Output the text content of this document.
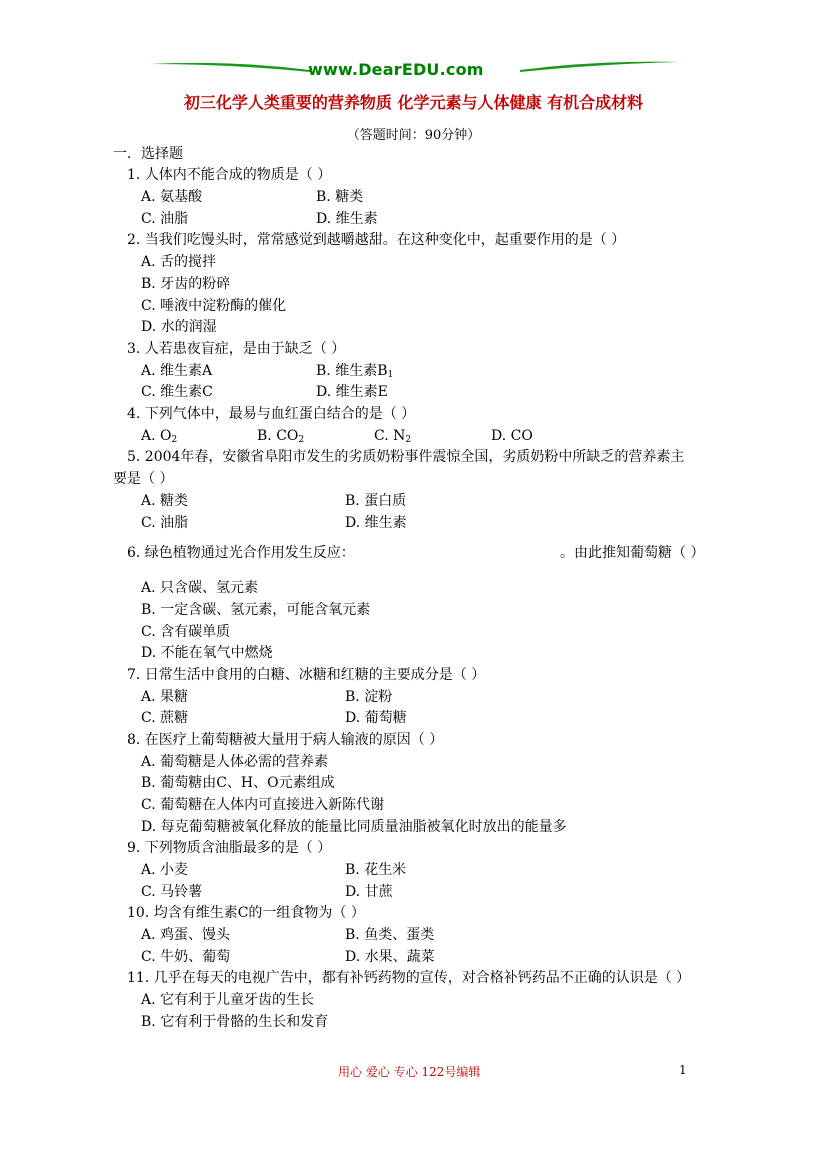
www.DearEDU.com
初三化学人类重要的营养物质 化学元素与人体健康 有机合成材料
（答题时间：90分钟）
一．选择题
1. 人体内不能合成的物质是（ ）
A. 氨基酸	B. 糖类
C. 油脂	D. 维生素
2. 当我们吃馒头时，常常感觉到越嚼越甜。在这种变化中，起重要作用的是（ ）
A. 舌的搅拌
B. 牙齿的粉碎
C. 唾液中淀粉酶的催化
D. 水的润湿
3. 人若患夜盲症，是由于缺乏（ ）
A. 维生素A	B. 维生素$B_1$
C. 维生素C	D. 维生素E
4. 下列气体中，最易与血红蛋白结合的是（ ）
A. $O_2$	B. $CO_2$	C. $N_2$	D. CO
5. 2004年春，安徽省阜阳市发生的劣质奶粉事件震惊全国，劣质奶粉中所缺乏的营养素主
要是（ ）
A. 糖类	B. 蛋白质
C. 油脂	D. 维生素
6. 绿色植物通过光合作用发生反应：	。由此推知葡萄糖（ ）
A. 只含碳、氢元素
B. 一定含碳、氢元素，可能含氧元素
C. 含有碳单质
D. 不能在氧气中燃烧
7. 日常生活中食用的白糖、冰糖和红糖的主要成分是（ ）
A. 果糖	B. 淀粉
C. 蔗糖	D. 葡萄糖
8. 在医疗上葡萄糖被大量用于病人输液的原因（ ）
A. 葡萄糖是人体必需的营养素
B. 葡萄糖由C、H、O元素组成
C. 葡萄糖在人体内可直接进入新陈代谢
D. 每克葡萄糖被氧化释放的能量比同质量油脂被氧化时放出的能量多
9. 下列物质含油脂最多的是（ ）
A. 小麦	B. 花生米
C. 马铃薯	D. 甘蔗
10. 均含有维生素C的一组食物为（ ）
A. 鸡蛋、馒头	B. 鱼类、蛋类
C. 牛奶、葡萄	D. 水果、蔬菜
11. 几乎在每天的电视广告中，都有补钙药物的宣传，对合格补钙药品不正确的认识是（ ）
A. 它有利于儿童牙齿的生长
B. 它有利于骨骼的生长和发育
用心 爱心 专心 122号编辑	1
